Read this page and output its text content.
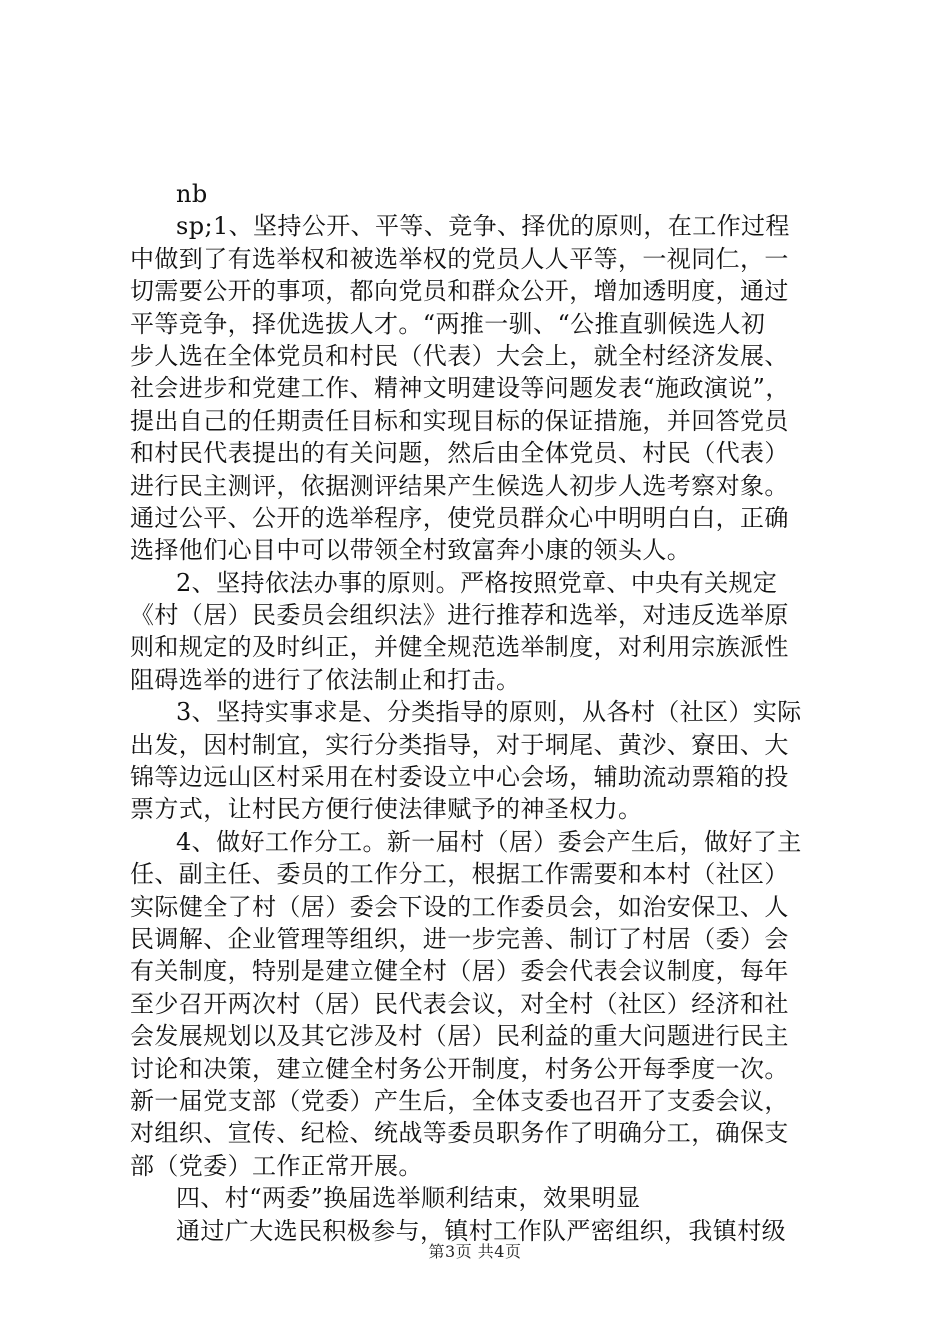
nb
sp;1、坚持公开、平等、竞争、择优的原则，在工作过程
中做到了有选举权和被选举权的党员人人平等，一视同仁，一
切需要公开的事项，都向党员和群众公开，增加透明度，通过
平等竞争，择优选拔人才。“两推一驯、“公推直驯候选人初
步人选在全体党员和村民（代表）大会上，就全村经济发展、
社会进步和党建工作、精神文明建设等问题发表“施政演说”，
提出自己的任期责任目标和实现目标的保证措施，并回答党员
和村民代表提出的有关问题，然后由全体党员、村民（代表）
进行民主测评，依据测评结果产生候选人初步人选考察对象。
通过公平、公开的选举程序，使党员群众心中明明白白，正确
选择他们心目中可以带领全村致富奔小康的领头人。
2、坚持依法办事的原则。严格按照党章、中央有关规定
《村（居）民委员会组织法》进行推荐和选举，对违反选举原
则和规定的及时纠正，并健全规范选举制度，对利用宗族派性
阻碍选举的进行了依法制止和打击。
3、坚持实事求是、分类指导的原则，从各村（社区）实际
出发，因村制宜，实行分类指导，对于垌尾、黄沙、寮田、大
锦等边远山区村采用在村委设立中心会场，辅助流动票箱的投
票方式，让村民方便行使法律赋予的神圣权力。
4、做好工作分工。新一届村（居）委会产生后，做好了主
任、副主任、委员的工作分工，根据工作需要和本村（社区）
实际健全了村（居）委会下设的工作委员会，如治安保卫、人
民调解、企业管理等组织，进一步完善、制订了村居（委）会
有关制度，特别是建立健全村（居）委会代表会议制度，每年
至少召开两次村（居）民代表会议，对全村（社区）经济和社
会发展规划以及其它涉及村（居）民利益的重大问题进行民主
讨论和决策，建立健全村务公开制度，村务公开每季度一次。
新一届党支部（党委）产生后，全体支委也召开了支委会议，
对组织、宣传、纪检、统战等委员职务作了明确分工，确保支
部（党委）工作正常开展。
四、村“两委”换届选举顺利结束，效果明显
通过广大选民积极参与，镇村工作队严密组织，我镇村级
第3页 共4页
